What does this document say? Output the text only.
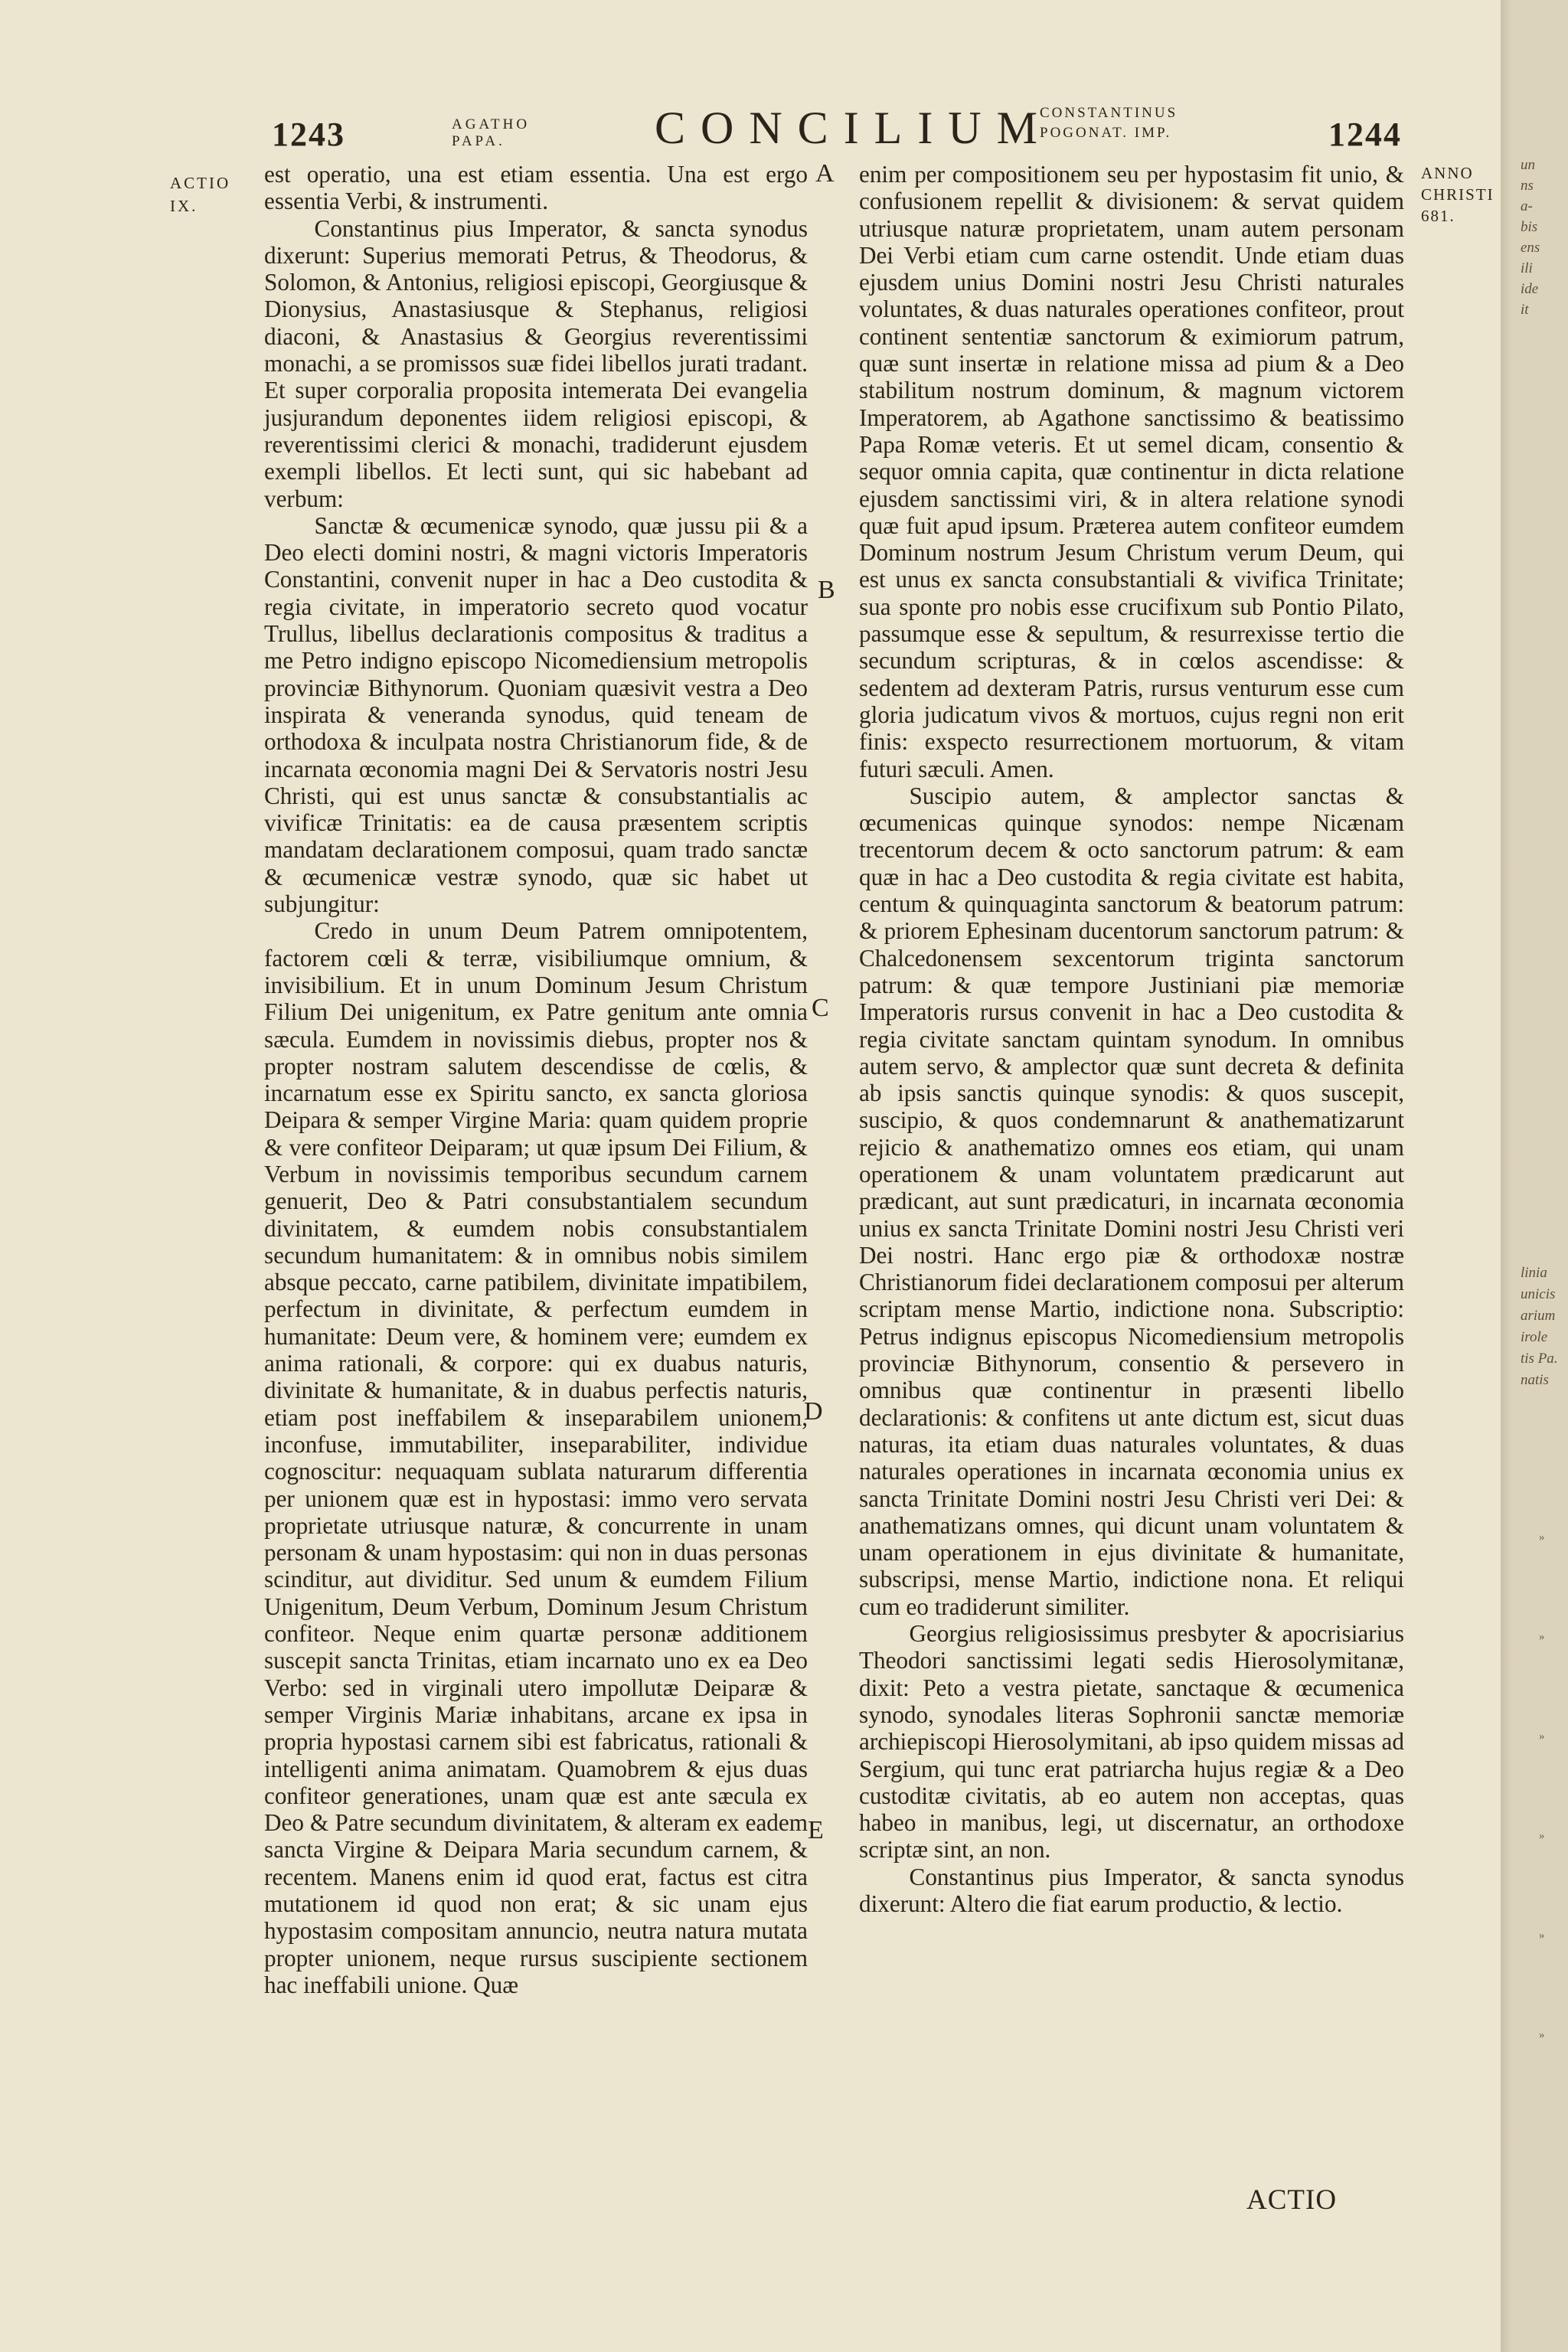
un
ns
a-
bis
ens
ili
ide
it
linia
unicis
arium
irole
tis Pa.
natis
»
»
»
»
»
»
1243	AGATHO
PAPA.	CONCILIUM
CONSTANTINUS
POGONAT. IMP.	1244
ACTIO
IX.
ANNO
CHRISTI
681.

est operatio, una est etiam essentia. Una est ergo essentia Verbi, & instrumenti.

Constantinus pius Imperator, & sancta synodus dixerunt: Superius memorati Petrus, & Theodorus, & Solomon, & Antonius, religiosi episcopi, Georgiusque & Dionysius, Anastasiusque & Stephanus, religiosi diaconi, & Anastasius & Georgius reverentissimi monachi, a se promissos suæ fidei libellos jurati tradant. Et super corporalia proposita intemerata Dei evangelia jusjurandum deponentes iidem religiosi episcopi, & reverentissimi clerici & monachi, tradiderunt ejusdem exempli libellos. Et lecti sunt, qui sic habebant ad verbum:

Sanctæ & œcumenicæ synodo, quæ jussu pii & a Deo electi domini nostri, & magni victoris Imperatoris Constantini, convenit nuper in hac a Deo custodita & regia civitate, in imperatorio secreto quod vocatur Trullus, libellus declarationis compositus & traditus a me Petro indigno episcopo Nicomediensium metropolis provinciæ Bithynorum. Quoniam quæsivit vestra a Deo inspirata & veneranda synodus, quid teneam de orthodoxa & inculpata nostra Christianorum fide, & de incarnata œconomia magni Dei & Servatoris nostri Jesu Christi, qui est unus sanctæ & consubstantialis ac vivificæ Trinitatis: ea de causa præsentem scriptis mandatam declarationem composui, quam trado sanctæ & œcumenicæ vestræ synodo, quæ sic habet ut subjungitur:

Credo in unum Deum Patrem omnipotentem, factorem cœli & terræ, visibiliumque omnium, & invisibilium. Et in unum Dominum Jesum Christum Filium Dei unigenitum, ex Patre genitum ante omnia sæcula. Eumdem in novissimis diebus, propter nos & propter nostram salutem descendisse de cœlis, & incarnatum esse ex Spiritu sancto, ex sancta gloriosa Deipara & semper Virgine Maria: quam quidem proprie & vere confiteor Deiparam; ut quæ ipsum Dei Filium, & Verbum in novissimis temporibus secundum carnem genuerit, Deo & Patri consubstantialem secundum divinitatem, & eumdem nobis consubstantialem secundum humanitatem: & in omnibus nobis similem absque peccato, carne patibilem, divinitate impatibilem, perfectum in divinitate, & perfectum eumdem in humanitate: Deum vere, & hominem vere; eumdem ex anima rationali, & corpore: qui ex duabus naturis, divinitate & humanitate, & in duabus perfectis naturis, etiam post ineffabilem & inseparabilem unionem, inconfuse, immutabiliter, inseparabiliter, individue cognoscitur: nequaquam sublata naturarum differentia per unionem quæ est in hypostasi: immo vero servata proprietate utriusque naturæ, & concurrente in unam personam & unam hypostasim: qui non in duas personas scinditur, aut dividitur. Sed unum & eumdem Filium Unigenitum, Deum Verbum, Dominum Jesum Christum confiteor. Neque enim quartæ personæ additionem suscepit sancta Trinitas, etiam incarnato uno ex ea Deo Verbo: sed in virginali utero impollutæ Deiparæ & semper Virginis Mariæ inhabitans, arcane ex ipsa in propria hypostasi carnem sibi est fabricatus, rationali & intelligenti anima animatam. Quamobrem & ejus duas confiteor generationes, unam quæ est ante sæcula ex Deo & Patre secundum divinitatem, & alteram ex eadem sancta Virgine & Deipara Maria secundum carnem, & recentem. Manens enim id quod erat, factus est citra mutationem id quod non erat; & sic unam ejus hypostasim compositam annuncio, neutra natura mutata propter unionem, neque rursus suscipiente sectionem hac ineffabili unione. Quæ

A
B
C
D
E

enim per compositionem seu per hypostasim fit unio, & confusionem repellit & divisionem: & servat quidem utriusque naturæ proprietatem, unam autem personam Dei Verbi etiam cum carne ostendit. Unde etiam duas ejusdem unius Domini nostri Jesu Christi naturales voluntates, & duas naturales operationes confiteor, prout continent sententiæ sanctorum & eximiorum patrum, quæ sunt insertæ in relatione missa ad pium & a Deo stabilitum nostrum dominum, & magnum victorem Imperatorem, ab Agathone sanctissimo & beatissimo Papa Romæ veteris. Et ut semel dicam, consentio & sequor omnia capita, quæ continentur in dicta relatione ejusdem sanctissimi viri, & in altera relatione synodi quæ fuit apud ipsum. Præterea autem confiteor eumdem Dominum nostrum Jesum Christum verum Deum, qui est unus ex sancta consubstantiali & vivifica Trinitate; sua sponte pro nobis esse crucifixum sub Pontio Pilato, passumque esse & sepultum, & resurrexisse tertio die secundum scripturas, & in cœlos ascendisse: & sedentem ad dexteram Patris, rursus venturum esse cum gloria judicatum vivos & mortuos, cujus regni non erit finis: exspecto resurrectionem mortuorum, & vitam futuri sæculi. Amen.

Suscipio autem, & amplector sanctas & œcumenicas quinque synodos: nempe Nicænam trecentorum decem & octo sanctorum patrum: & eam quæ in hac a Deo custodita & regia civitate est habita, centum & quinquaginta sanctorum & beatorum patrum: & priorem Ephesinam ducentorum sanctorum patrum: & Chalcedonensem sexcentorum triginta sanctorum patrum: & quæ tempore Justiniani piæ memoriæ Imperatoris rursus convenit in hac a Deo custodita & regia civitate sanctam quintam synodum. In omnibus autem servo, & amplector quæ sunt decreta & definita ab ipsis sanctis quinque synodis: & quos suscepit, suscipio, & quos condemnarunt & anathematizarunt rejicio & anathematizo omnes eos etiam, qui unam operationem & unam voluntatem prædicarunt aut prædicant, aut sunt prædicaturi, in incarnata œconomia unius ex sancta Trinitate Domini nostri Jesu Christi veri Dei nostri. Hanc ergo piæ & orthodoxæ nostræ Christianorum fidei declarationem composui per alterum scriptam mense Martio, indictione nona. Subscriptio: Petrus indignus episcopus Nicomediensium metropolis provinciæ Bithynorum, consentio & persevero in omnibus quæ continentur in præsenti libello declarationis: & confitens ut ante dictum est, sicut duas naturas, ita etiam duas naturales voluntates, & duas naturales operationes in incarnata œconomia unius ex sancta Trinitate Domini nostri Jesu Christi veri Dei: & anathematizans omnes, qui dicunt unam voluntatem & unam operationem in ejus divinitate & humanitate, subscripsi, mense Martio, indictione nona. Et reliqui cum eo tradiderunt similiter.

Georgius religiosissimus presbyter & apocrisiarius Theodori sanctissimi legati sedis Hierosolymitanæ, dixit: Peto a vestra pietate, sanctaque & œcumenica synodo, synodales literas Sophronii sanctæ memoriæ archiepiscopi Hierosolymitani, ab ipso quidem missas ad Sergium, qui tunc erat patriarcha hujus regiæ & a Deo custoditæ civitatis, ab eo autem non acceptas, quas habeo in manibus, legi, ut discernatur, an orthodoxe scriptæ sint, an non.

Constantinus pius Imperator, & sancta synodus dixerunt: Altero die fiat earum productio, & lectio.

ACTIO
